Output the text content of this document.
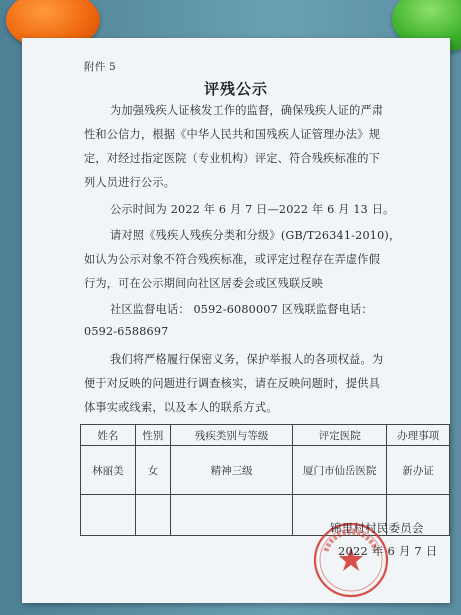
附件 5
评残公示
为加强残疾人证核发工作的监督，确保残疾人证的严肃
性和公信力，根据《中华人民共和国残疾人证管理办法》规
定，对经过指定医院（专业机构）评定、符合残疾标准的下
列人员进行公示。
公示时间为 2022 年 6 月 7 日—2022 年 6 月 13 日。
请对照《残疾人残疾分类和分级》(GB/T26341-2010)，
如认为公示对象不符合残疾标准，或评定过程存在弄虚作假
行为，可在公示期间向社区居委会或区残联反映
社区监督电话： 0592-6080007 区残联监督电话：
0592-6588697
我们将严格履行保密义务，保护举报人的各项权益。为
便于对反映的问题进行调查核实，请在反映问题时，提供具
体事实或线索，以及本人的联系方式。
姓名	性别	残疾类别与等级	评定医院	办理事项
林丽美	女	精神三级	厦门市仙岳医院	新办证

锦里村村民委员会
2022 年 6 月 7 日
